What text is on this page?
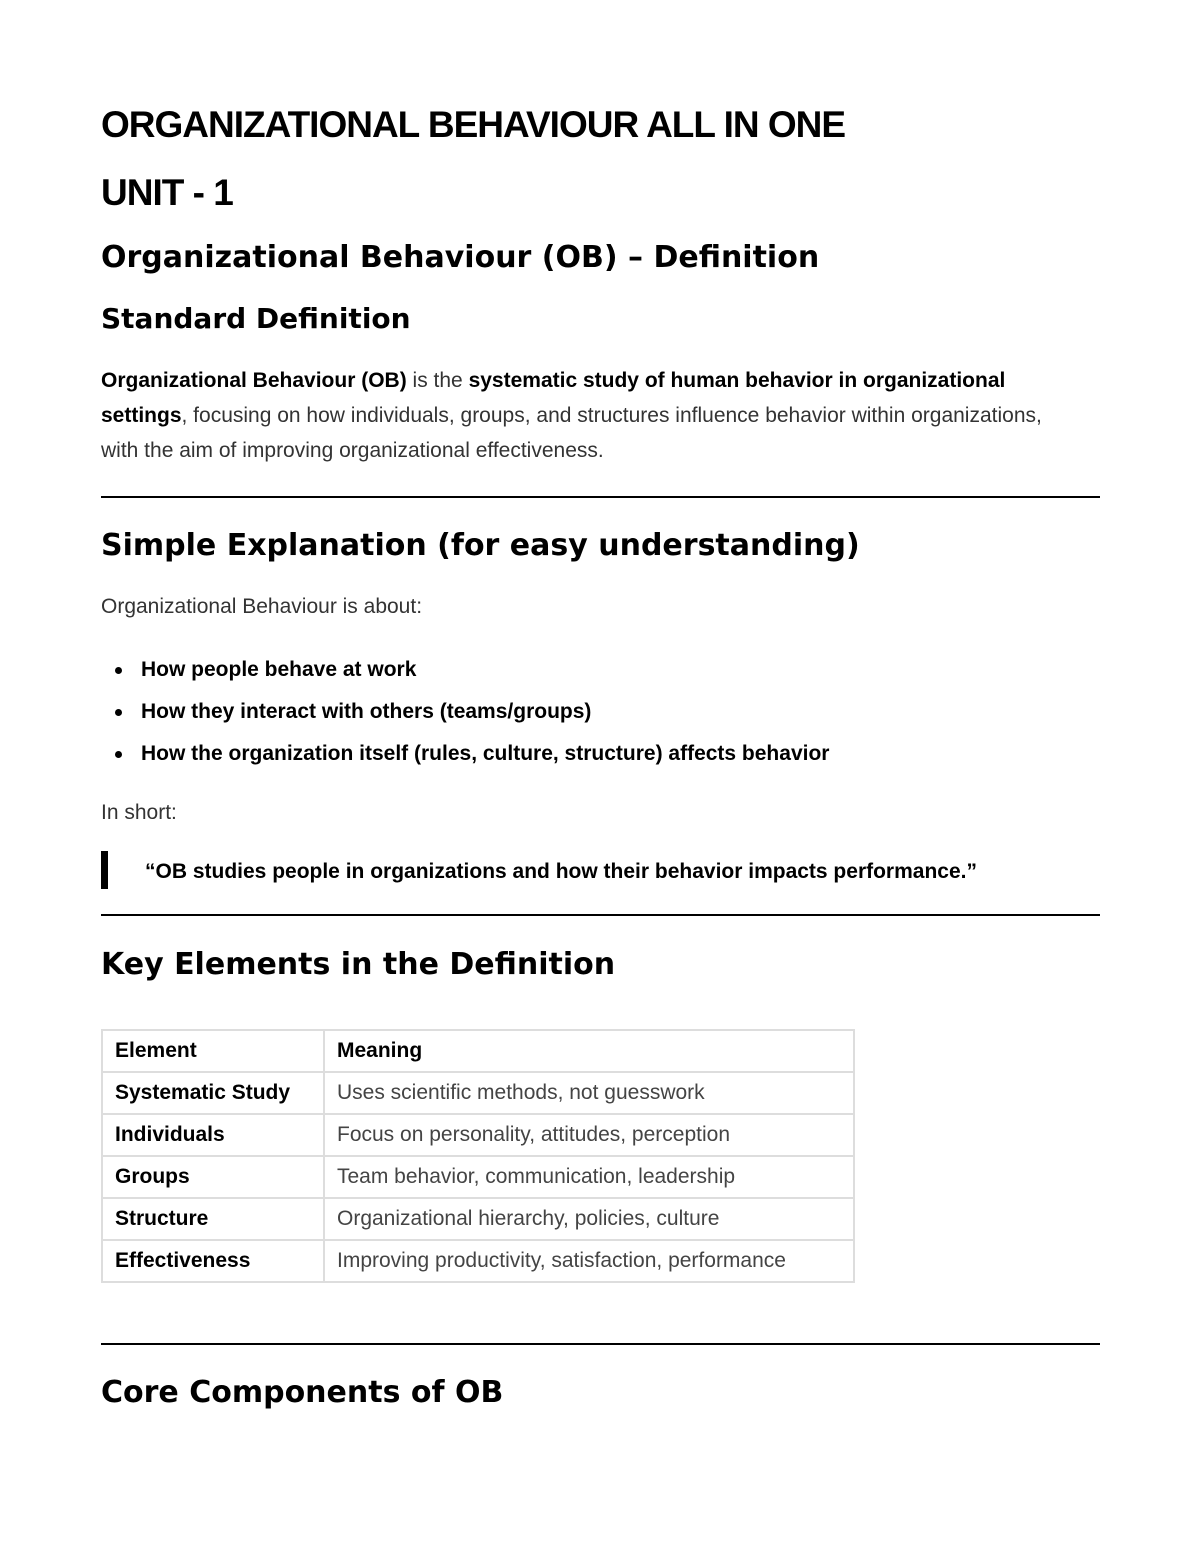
ORGANIZATIONAL BEHAVIOUR ALL IN ONE
UNIT - 1
Organizational Behaviour (OB) – Definition
Standard Definition

Organizational Behaviour (OB) is the systematic study of human behavior in organizational settings, focusing on how individuals, groups, and structures influence behavior within organizations, with the aim of improving organizational effectiveness.

Simple Explanation (for easy understanding)

Organizational Behaviour is about:

How people behave at work
How they interact with others (teams/groups)
How the organization itself (rules, culture, structure) affects behavior

In short:

“OB studies people in organizations and how their behavior impacts performance.”

Key Elements in the Definition
Element	Meaning
Systematic Study	Uses scientific methods, not guesswork
Individuals	Focus on personality, attitudes, perception
Groups	Team behavior, communication, leadership
Structure	Organizational hierarchy, policies, culture
Effectiveness	Improving productivity, satisfaction, performance
Core Components of OB
